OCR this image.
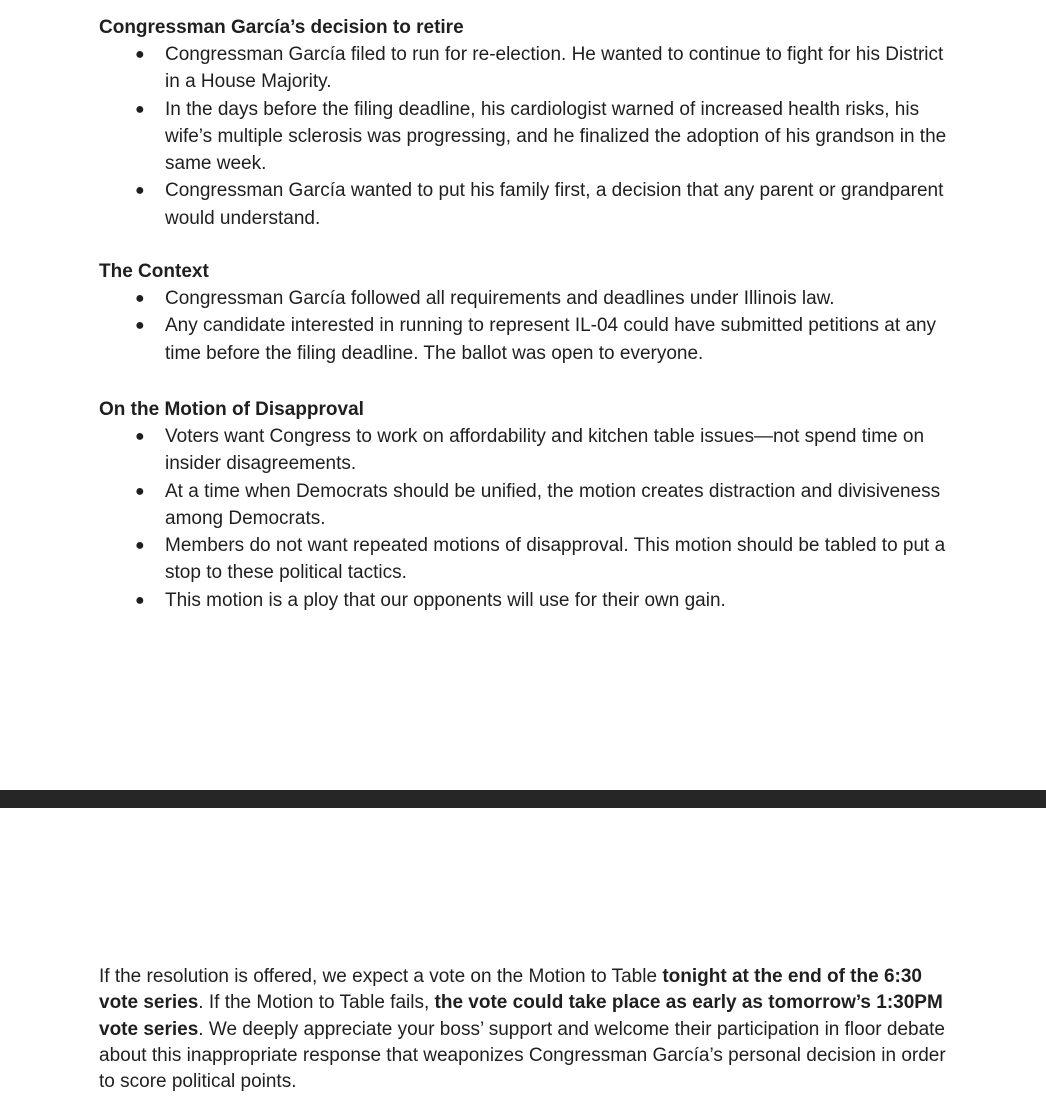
Congressman García’s decision to retire

● Congressman García filed to run for re-election. He wanted to continue to fight for his District in a House Majority.
● In the days before the filing deadline, his cardiologist warned of increased health risks, his wife’s multiple sclerosis was progressing, and he finalized the adoption of his grandson in the same week.
● Congressman García wanted to put his family first, a decision that any parent or grandparent would understand.

The Context

● Congressman García followed all requirements and deadlines under Illinois law.
● Any candidate interested in running to represent IL-04 could have submitted petitions at any time before the filing deadline. The ballot was open to everyone.

On the Motion of Disapproval

● Voters want Congress to work on affordability and kitchen table issues—not spend time on insider disagreements.
● At a time when Democrats should be unified, the motion creates distraction and divisiveness among Democrats.
● Members do not want repeated motions of disapproval. This motion should be tabled to put a stop to these political tactics.
● This motion is a ploy that our opponents will use for their own gain.

If the resolution is offered, we expect a vote on the Motion to Table tonight at the end of the 6:30 vote series. If the Motion to Table fails, the vote could take place as early as tomorrow’s 1:30PM vote series. We deeply appreciate your boss’ support and welcome their participation in floor debate about this inappropriate response that weaponizes Congressman García’s personal decision in order to score political points.
